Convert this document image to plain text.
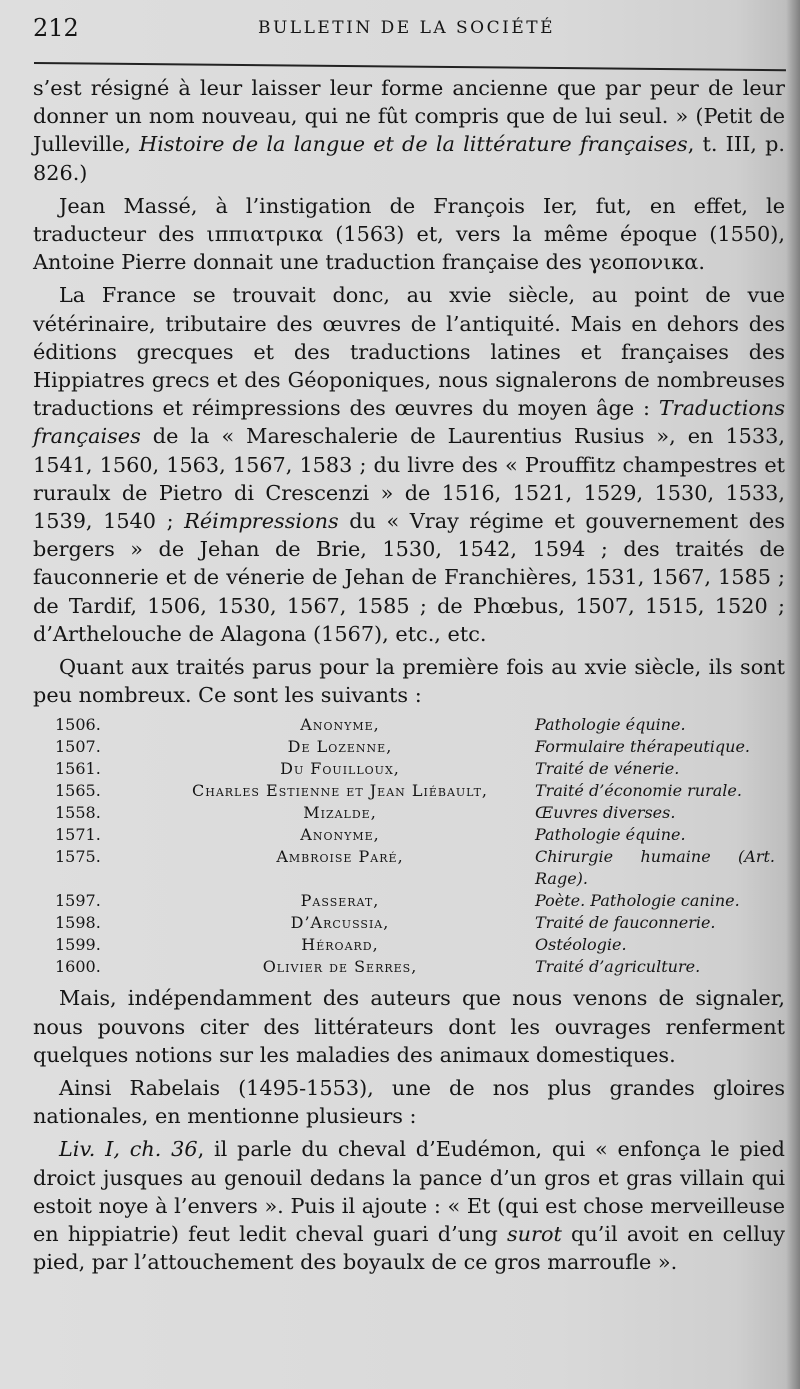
212	BULLETIN DE LA SOCIÉTÉ

s’est résigné à leur laisser leur forme ancienne que par peur de leur donner un nom nouveau, qui ne fût compris que de lui seul. » (Petit de Julleville, Histoire de la langue et de la littérature françaises, t. III, p. 826.)

Jean Massé, à l’instigation de François Ier, fut, en effet, le traducteur des ιππιατρικα (1563) et, vers la même époque (1550), Antoine Pierre donnait une traduction française des γεοπονικα.

La France se trouvait donc, au xvie siècle, au point de vue vétérinaire, tributaire des œuvres de l’antiquité. Mais en dehors des éditions grecques et des traductions latines et françaises des Hippiatres grecs et des Géoponiques, nous signalerons de nombreuses traductions et réimpressions des œuvres du moyen âge : Traductions françaises de la « Mareschalerie de Laurentius Rusius », en 1533, 1541, 1560, 1563, 1567, 1583 ; du livre des « Prouffitz champestres et ruraulx de Pietro di Crescenzi » de 1516, 1521, 1529, 1530, 1533, 1539, 1540 ; Réimpressions du « Vray régime et gouvernement des bergers » de Jehan de Brie, 1530, 1542, 1594 ; des traités de fauconnerie et de vénerie de Jehan de Franchières, 1531, 1567, 1585 ; de Tardif, 1506, 1530, 1567, 1585 ; de Phœbus, 1507, 1515, 1520 ; d’Arthelouche de Alagona (1567), etc., etc.

Quant aux traités parus pour la première fois au xvie siècle, ils sont peu nombreux. Ce sont les suivants :

1506.	Anonyme,	Pathologie équine.
1507.	De Lozenne,	Formulaire thérapeutique.
1561.	Du Fouilloux,	Traité de vénerie.
1565.	Charles Estienne et Jean Liébault,	Traité d’économie rurale.
1558.	Mizalde,	Œuvres diverses.
1571.	Anonyme,	Pathologie équine.
1575.	Ambroise Paré,	Chirurgie humaine (Art. Rage).
1597.	Passerat,	Poète. Pathologie canine.
1598.	D’Arcussia,	Traité de fauconnerie.
1599.	Héroard,	Ostéologie.
1600.	Olivier de Serres,	Traité d’agriculture.

Mais, indépendamment des auteurs que nous venons de signaler, nous pouvons citer des littérateurs dont les ouvrages renferment quelques notions sur les maladies des animaux domestiques.

Ainsi Rabelais (1495-1553), une de nos plus grandes gloires nationales, en mentionne plusieurs :

Liv. I, ch. 36, il parle du cheval d’Eudémon, qui « enfonça le pied droict jusques au genouil dedans la pance d’un gros et gras villain qui estoit noye à l’envers ». Puis il ajoute : « Et (qui est chose merveilleuse en hippiatrie) feut ledit cheval guari d’ung surot qu’il avoit en celluy pied, par l’attouchement des boyaulx de ce gros marroufle ».
